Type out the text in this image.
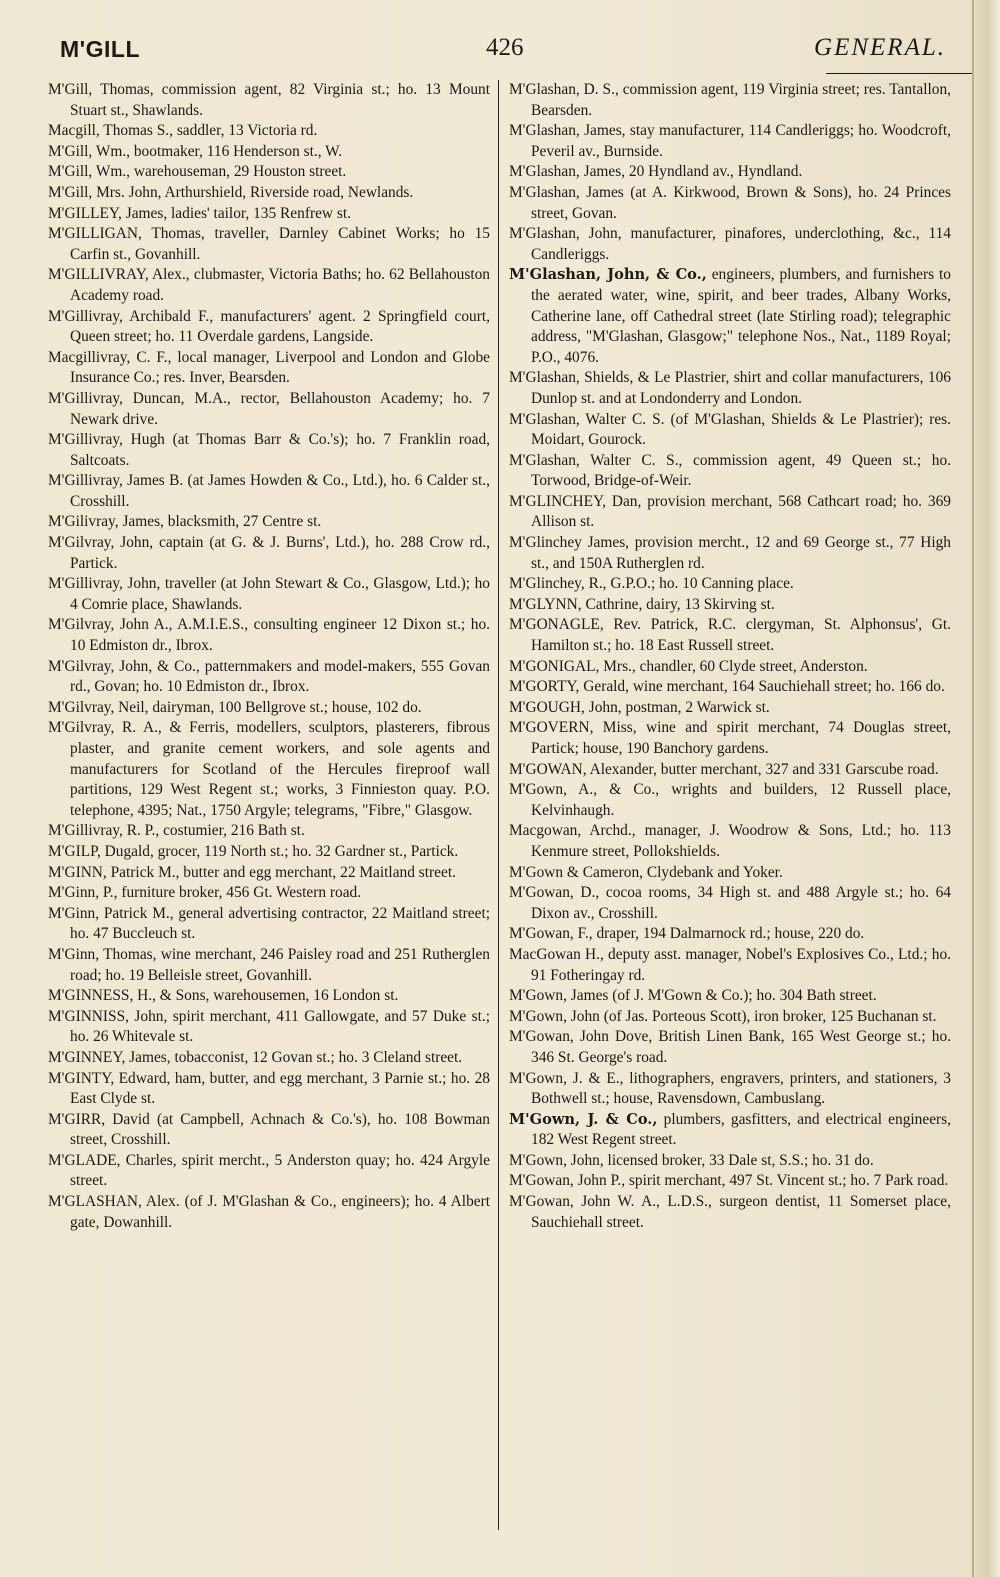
M'GILL	426	GENERAL.

M'Gill, Thomas, commission agent, 82 Virginia st.; ho. 13 Mount Stuart st., Shawlands.

Macgill, Thomas S., saddler, 13 Victoria rd.

M'Gill, Wm., bootmaker, 116 Henderson st., W.

M'Gill, Wm., warehouseman, 29 Houston street.

M'Gill, Mrs. John, Arthurshield, Riverside road, Newlands.

M'GILLEY, James, ladies' tailor, 135 Renfrew st.

M'GILLIGAN, Thomas, traveller, Darnley Cabinet Works; ho 15 Carfin st., Govanhill.

M'GILLIVRAY, Alex., clubmaster, Victoria Baths; ho. 62 Bellahouston Academy road.

M'Gillivray, Archibald F., manufacturers' agent. 2 Springfield court, Queen street; ho. 11 Overdale gardens, Langside.

Macgillivray, C. F., local manager, Liverpool and London and Globe Insurance Co.; res. Inver, Bearsden.

M'Gillivray, Duncan, M.A., rector, Bellahouston Academy; ho. 7 Newark drive.

M'Gillivray, Hugh (at Thomas Barr & Co.'s); ho. 7 Franklin road, Saltcoats.

M'Gillivray, James B. (at James Howden & Co., Ltd.), ho. 6 Calder st., Crosshill.

M'Gilivray, James, blacksmith, 27 Centre st.

M'Gilvray, John, captain (at G. & J. Burns', Ltd.), ho. 288 Crow rd., Partick.

M'Gillivray, John, traveller (at John Stewart & Co., Glasgow, Ltd.); ho 4 Comrie place, Shawlands.

M'Gilvray, John A., A.M.I.E.S., consulting engineer 12 Dixon st.; ho. 10 Edmiston dr., Ibrox.

M'Gilvray, John, & Co., patternmakers and model-makers, 555 Govan rd., Govan; ho. 10 Edmiston dr., Ibrox.

M'Gilvray, Neil, dairyman, 100 Bellgrove st.; house, 102 do.

M'Gilvray, R. A., & Ferris, modellers, sculptors, plasterers, fibrous plaster, and granite cement workers, and sole agents and manufacturers for Scotland of the Hercules fireproof wall partitions, 129 West Regent st.; works, 3 Finnieston quay. P.O. telephone, 4395; Nat., 1750 Argyle; telegrams, "Fibre," Glasgow.

M'Gillivray, R. P., costumier, 216 Bath st.

M'GILP, Dugald, grocer, 119 North st.; ho. 32 Gardner st., Partick.

M'GINN, Patrick M., butter and egg merchant, 22 Maitland street.

M'Ginn, P., furniture broker, 456 Gt. Western road.

M'Ginn, Patrick M., general advertising contractor, 22 Maitland street; ho. 47 Buccleuch st.

M'Ginn, Thomas, wine merchant, 246 Paisley road and 251 Rutherglen road; ho. 19 Belleisle street, Govanhill.

M'GINNESS, H., & Sons, warehousemen, 16 London st.

M'GINNISS, John, spirit merchant, 411 Gallowgate, and 57 Duke st.; ho. 26 Whitevale st.

M'GINNEY, James, tobacconist, 12 Govan st.; ho. 3 Cleland street.

M'GINTY, Edward, ham, butter, and egg merchant, 3 Parnie st.; ho. 28 East Clyde st.

M'GIRR, David (at Campbell, Achnach & Co.'s), ho. 108 Bowman street, Crosshill.

M'GLADE, Charles, spirit mercht., 5 Anderston quay; ho. 424 Argyle street.

M'GLASHAN, Alex. (of J. M'Glashan & Co., engineers); ho. 4 Albert gate, Dowanhill.

M'Glashan, D. S., commission agent, 119 Virginia street; res. Tantallon, Bearsden.

M'Glashan, James, stay manufacturer, 114 Candleriggs; ho. Woodcroft, Peveril av., Burnside.

M'Glashan, James, 20 Hyndland av., Hyndland.

M'Glashan, James (at A. Kirkwood, Brown & Sons), ho. 24 Princes street, Govan.

M'Glashan, John, manufacturer, pinafores, underclothing, &c., 114 Candleriggs.

M'Glashan, John, & Co., engineers, plumbers, and furnishers to the aerated water, wine, spirit, and beer trades, Albany Works, Catherine lane, off Cathedral street (late Stirling road); telegraphic address, "M'Glashan, Glasgow;" telephone Nos., Nat., 1189 Royal; P.O., 4076.

M'Glashan, Shields, & Le Plastrier, shirt and collar manufacturers, 106 Dunlop st. and at Londonderry and London.

M'Glashan, Walter C. S. (of M'Glashan, Shields & Le Plastrier); res. Moidart, Gourock.

M'Glashan, Walter C. S., commission agent, 49 Queen st.; ho. Torwood, Bridge-of-Weir.

M'GLINCHEY, Dan, provision merchant, 568 Cathcart road; ho. 369 Allison st.

M'Glinchey James, provision mercht., 12 and 69 George st., 77 High st., and 150A Rutherglen rd.

M'Glinchey, R., G.P.O.; ho. 10 Canning place.

M'GLYNN, Cathrine, dairy, 13 Skirving st.

M'GONAGLE, Rev. Patrick, R.C. clergyman, St. Alphonsus', Gt. Hamilton st.; ho. 18 East Russell street.

M'GONIGAL, Mrs., chandler, 60 Clyde street, Anderston.

M'GORTY, Gerald, wine merchant, 164 Sauchiehall street; ho. 166 do.

M'GOUGH, John, postman, 2 Warwick st.

M'GOVERN, Miss, wine and spirit merchant, 74 Douglas street, Partick; house, 190 Banchory gardens.

M'GOWAN, Alexander, butter merchant, 327 and 331 Garscube road.

M'Gown, A., & Co., wrights and builders, 12 Russell place, Kelvinhaugh.

Macgowan, Archd., manager, J. Woodrow & Sons, Ltd.; ho. 113 Kenmure street, Pollokshields.

M'Gown & Cameron, Clydebank and Yoker.

M'Gowan, D., cocoa rooms, 34 High st. and 488 Argyle st.; ho. 64 Dixon av., Crosshill.

M'Gowan, F., draper, 194 Dalmarnock rd.; house, 220 do.

MacGowan H., deputy asst. manager, Nobel's Explosives Co., Ltd.; ho. 91 Fotheringay rd.

M'Gown, James (of J. M'Gown & Co.); ho. 304 Bath street.

M'Gown, John (of Jas. Porteous Scott), iron broker, 125 Buchanan st.

M'Gowan, John Dove, British Linen Bank, 165 West George st.; ho. 346 St. George's road.

M'Gown, J. & E., lithographers, engravers, printers, and stationers, 3 Bothwell st.; house, Ravensdown, Cambuslang.

M'Gown, J. & Co., plumbers, gasfitters, and electrical engineers, 182 West Regent street.

M'Gown, John, licensed broker, 33 Dale st, S.S.; ho. 31 do.

M'Gowan, John P., spirit merchant, 497 St. Vincent st.; ho. 7 Park road.

M'Gowan, John W. A., L.D.S., surgeon dentist, 11 Somerset place, Sauchiehall street.
